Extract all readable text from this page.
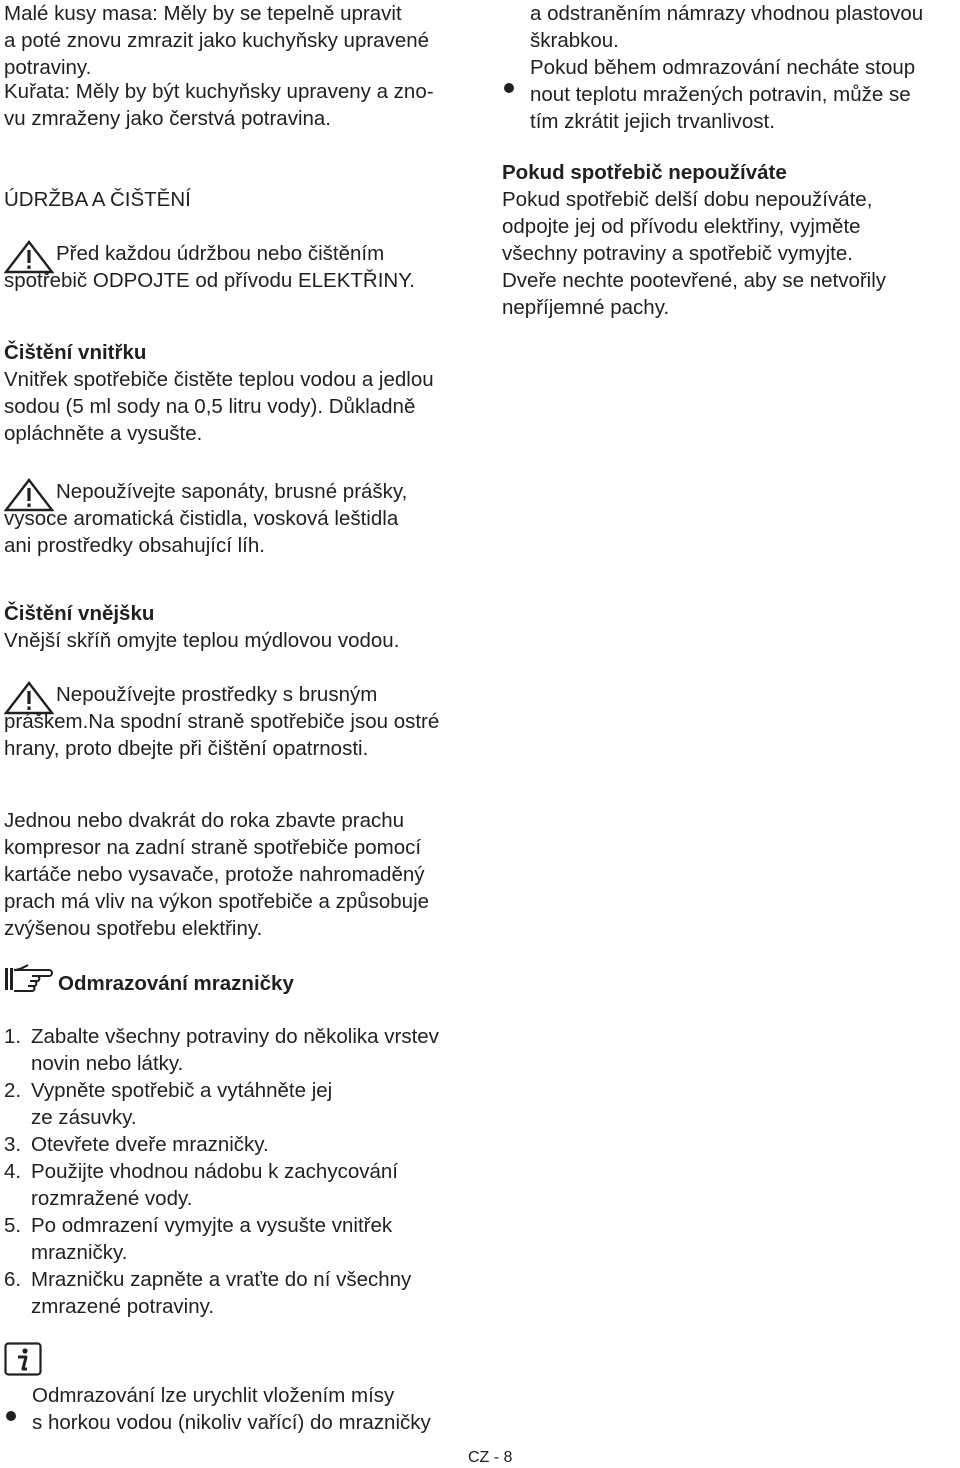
Malé kusy masa: Měly by se tepelně upravit
a poté znovu zmrazit jako kuchyňsky upravené
potraviny.
Kuřata: Měly by být kuchyňsky upraveny a zno-
vu zmraženy jako čerstvá potravina.
ÚDRŽBA A ČIŠTĚNÍ
Před každou údržbou nebo čištěním
spotřebič ODPOJTE od přívodu ELEKTŘINY.
Čištění vnitřku
Vnitřek spotřebiče čistěte teplou vodou a jedlou
sodou (5 ml sody na 0,5 litru vody). Důkladně
opláchněte a vysušte.
Nepoužívejte saponáty, brusné prášky,
vysoce aromatická čistidla, vosková leštidla
ani prostředky obsahující líh.
Čištění vnějšku
Vnější skříň omyjte teplou mýdlovou vodou.
Nepoužívejte prostředky s brusným
práškem.Na spodní straně spotřebiče jsou ostré
hrany, proto dbejte při čištění opatrnosti.
Jednou nebo dvakrát do roka zbavte prachu
kompresor na zadní straně spotřebiče pomocí
kartáče nebo vysavače, protože nahromaděný
prach má vliv na výkon spotřebiče a způsobuje
zvýšenou spotřebu elektřiny.
Odmrazování mrazničky
1. Zabalte všechny potraviny do několika vrstev
novin nebo látky.
2. Vypněte spotřebič a vytáhněte jej
ze zásuvky.
3. Otevřete dveře mrazničky.
4. Použijte vhodnou nádobu k zachycování
rozmražené vody.
5. Po odmrazení vymyjte a vysušte vnitřek
mrazničky.
6. Mrazničku zapněte a vraťte do ní všechny
zmrazené potraviny.
Odmrazování lze urychlit vložením mísy
s horkou vodou (nikoliv vařící) do mrazničky
a odstraněním námrazy vhodnou plastovou
škrabkou.
Pokud během odmrazování necháte stoup
nout teplotu mražených potravin, může se
tím zkrátit jejich trvanlivost.
Pokud spotřebič nepoužíváte
Pokud spotřebič delší dobu nepoužíváte,
odpojte jej od přívodu elektřiny, vyjměte
všechny potraviny a spotřebič vymyjte.
Dveře nechte pootevřené, aby se netvořily
nepříjemné pachy.
CZ - 8
